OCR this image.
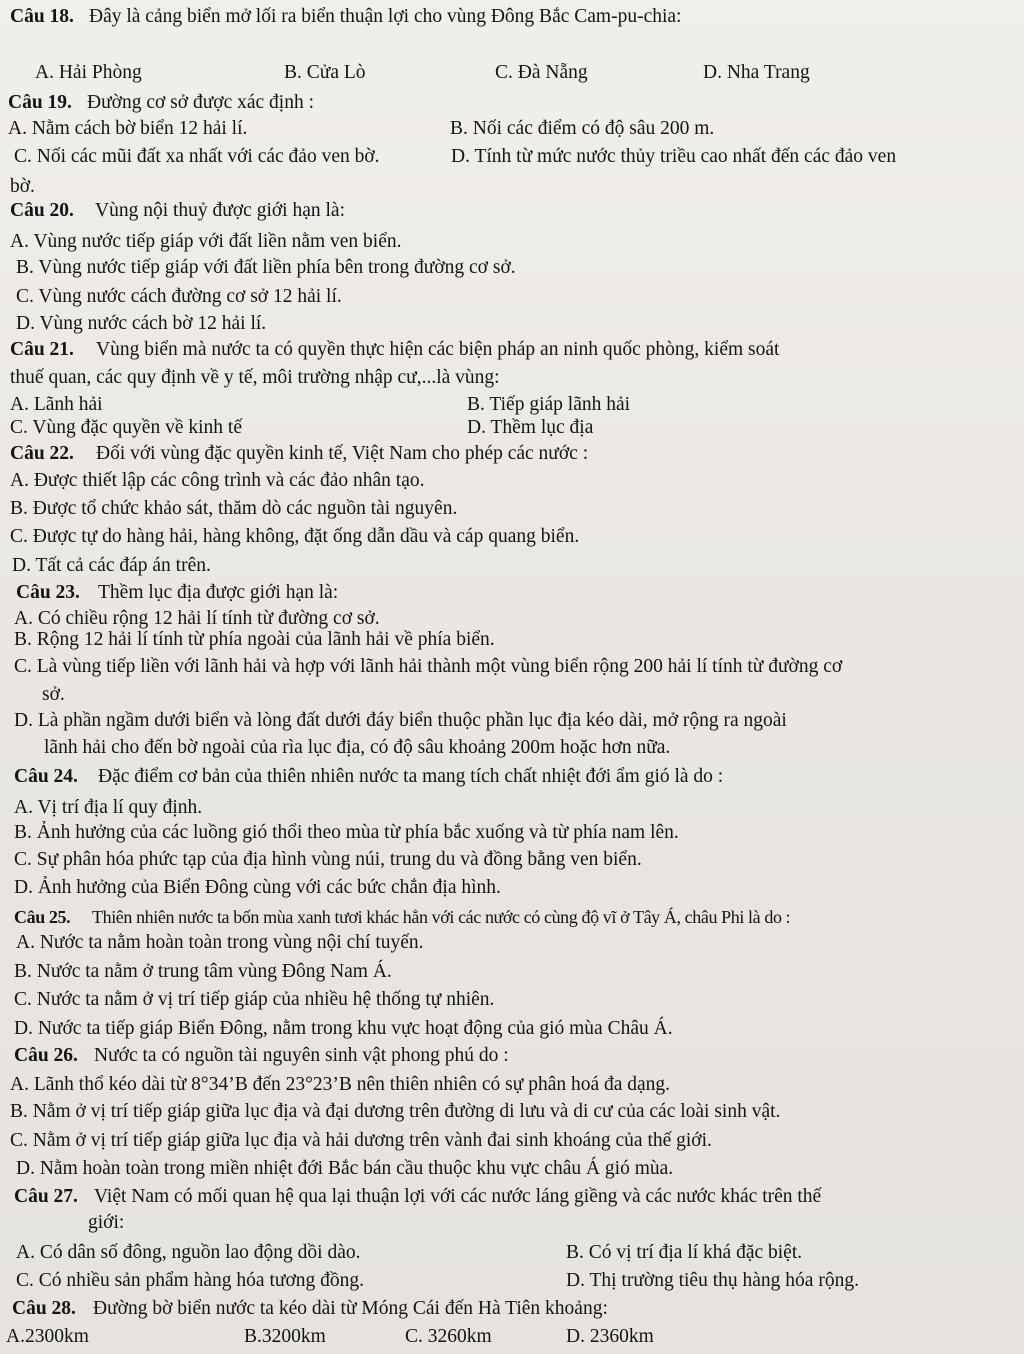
Câu 18. Đây là cảng biển mở lối ra biển thuận lợi cho vùng Đông Bắc Cam-pu-chia:
A. Hải Phòng	B. Cửa Lò	C. Đà Nẵng	D. Nha Trang
Câu 19. Đường cơ sở được xác định :
A. Nằm cách bờ biển 12 hải lí.	B. Nối các điểm có độ sâu 200 m.
C. Nối các mũi đất xa nhất với các đảo ven bờ.	D. Tính từ mức nước thủy triều cao nhất đến các đảo ven
bờ.
Câu 20. Vùng nội thuỷ được giới hạn là:
A. Vùng nước tiếp giáp với đất liền nằm ven biển.
B. Vùng nước tiếp giáp với đất liền phía bên trong đường cơ sở.
C. Vùng nước cách đường cơ sở 12 hải lí.
D. Vùng nước cách bờ 12 hải lí.
Câu 21. Vùng biển mà nước ta có quyền thực hiện các biện pháp an ninh quốc phòng, kiểm soát
thuế quan, các quy định về y tế, môi trường nhập cư,...là vùng:
A. Lãnh hải	B. Tiếp giáp lãnh hải
C. Vùng đặc quyền về kinh tế	D. Thềm lục địa
Câu 22. Đối với vùng đặc quyền kinh tế, Việt Nam cho phép các nước :
A. Được thiết lập các công trình và các đảo nhân tạo.
B. Được tổ chức khảo sát, thăm dò các nguồn tài nguyên.
C. Được tự do hàng hải, hàng không, đặt ống dẫn dầu và cáp quang biển.
D. Tất cả các đáp án trên.
Câu 23. Thềm lục địa được giới hạn là:
A. Có chiều rộng 12 hải lí tính từ đường cơ sở.
B. Rộng 12 hải lí tính từ phía ngoài của lãnh hải về phía biển.
C. Là vùng tiếp liền với lãnh hải và hợp với lãnh hải thành một vùng biển rộng 200 hải lí tính từ đường cơ
sở.
D. Là phần ngầm dưới biển và lòng đất dưới đáy biển thuộc phần lục địa kéo dài, mở rộng ra ngoài
lãnh hải cho đến bờ ngoài của rìa lục địa, có độ sâu khoảng 200m hoặc hơn nữa.
Câu 24. Đặc điểm cơ bản của thiên nhiên nước ta mang tích chất nhiệt đới ẩm gió là do :
A. Vị trí địa lí quy định.
B. Ảnh hưởng của các luồng gió thổi theo mùa từ phía bắc xuống và từ phía nam lên.
C. Sự phân hóa phức tạp của địa hình vùng núi, trung du và đồng bằng ven biển.
D. Ảnh hưởng của Biển Đông cùng với các bức chắn địa hình.
Câu 25. Thiên nhiên nước ta bốn mùa xanh tươi khác hẳn với các nước có cùng độ vĩ ở Tây Á, châu Phi là do :
A. Nước ta nằm hoàn toàn trong vùng nội chí tuyến.
B. Nước ta nằm ở trung tâm vùng Đông Nam Á.
C. Nước ta nằm ở vị trí tiếp giáp của nhiều hệ thống tự nhiên.
D. Nước ta tiếp giáp Biển Đông, nằm trong khu vực hoạt động của gió mùa Châu Á.
Câu 26. Nước ta có nguồn tài nguyên sinh vật phong phú do :
A. Lãnh thổ kéo dài từ 8°34’B đến 23°23’B nên thiên nhiên có sự phân hoá đa dạng.
B. Nằm ở vị trí tiếp giáp giữa lục địa và đại dương trên đường di lưu và di cư của các loài sinh vật.
C. Nằm ở vị trí tiếp giáp giữa lục địa và hải dương trên vành đai sinh khoáng của thế giới.
D. Nằm hoàn toàn trong miền nhiệt đới Bắc bán cầu thuộc khu vực châu Á gió mùa.
Câu 27. Việt Nam có mối quan hệ qua lại thuận lợi với các nước láng giềng và các nước khác trên thế
giới:
A. Có dân số đông, nguồn lao động dồi dào.	B. Có vị trí địa lí khá đặc biệt.
C. Có nhiều sản phẩm hàng hóa tương đồng.	D. Thị trường tiêu thụ hàng hóa rộng.
Câu 28. Đường bờ biển nước ta kéo dài từ Móng Cái đến Hà Tiên khoảng:
A.2300km	B.3200km	C. 3260km	D. 2360km
